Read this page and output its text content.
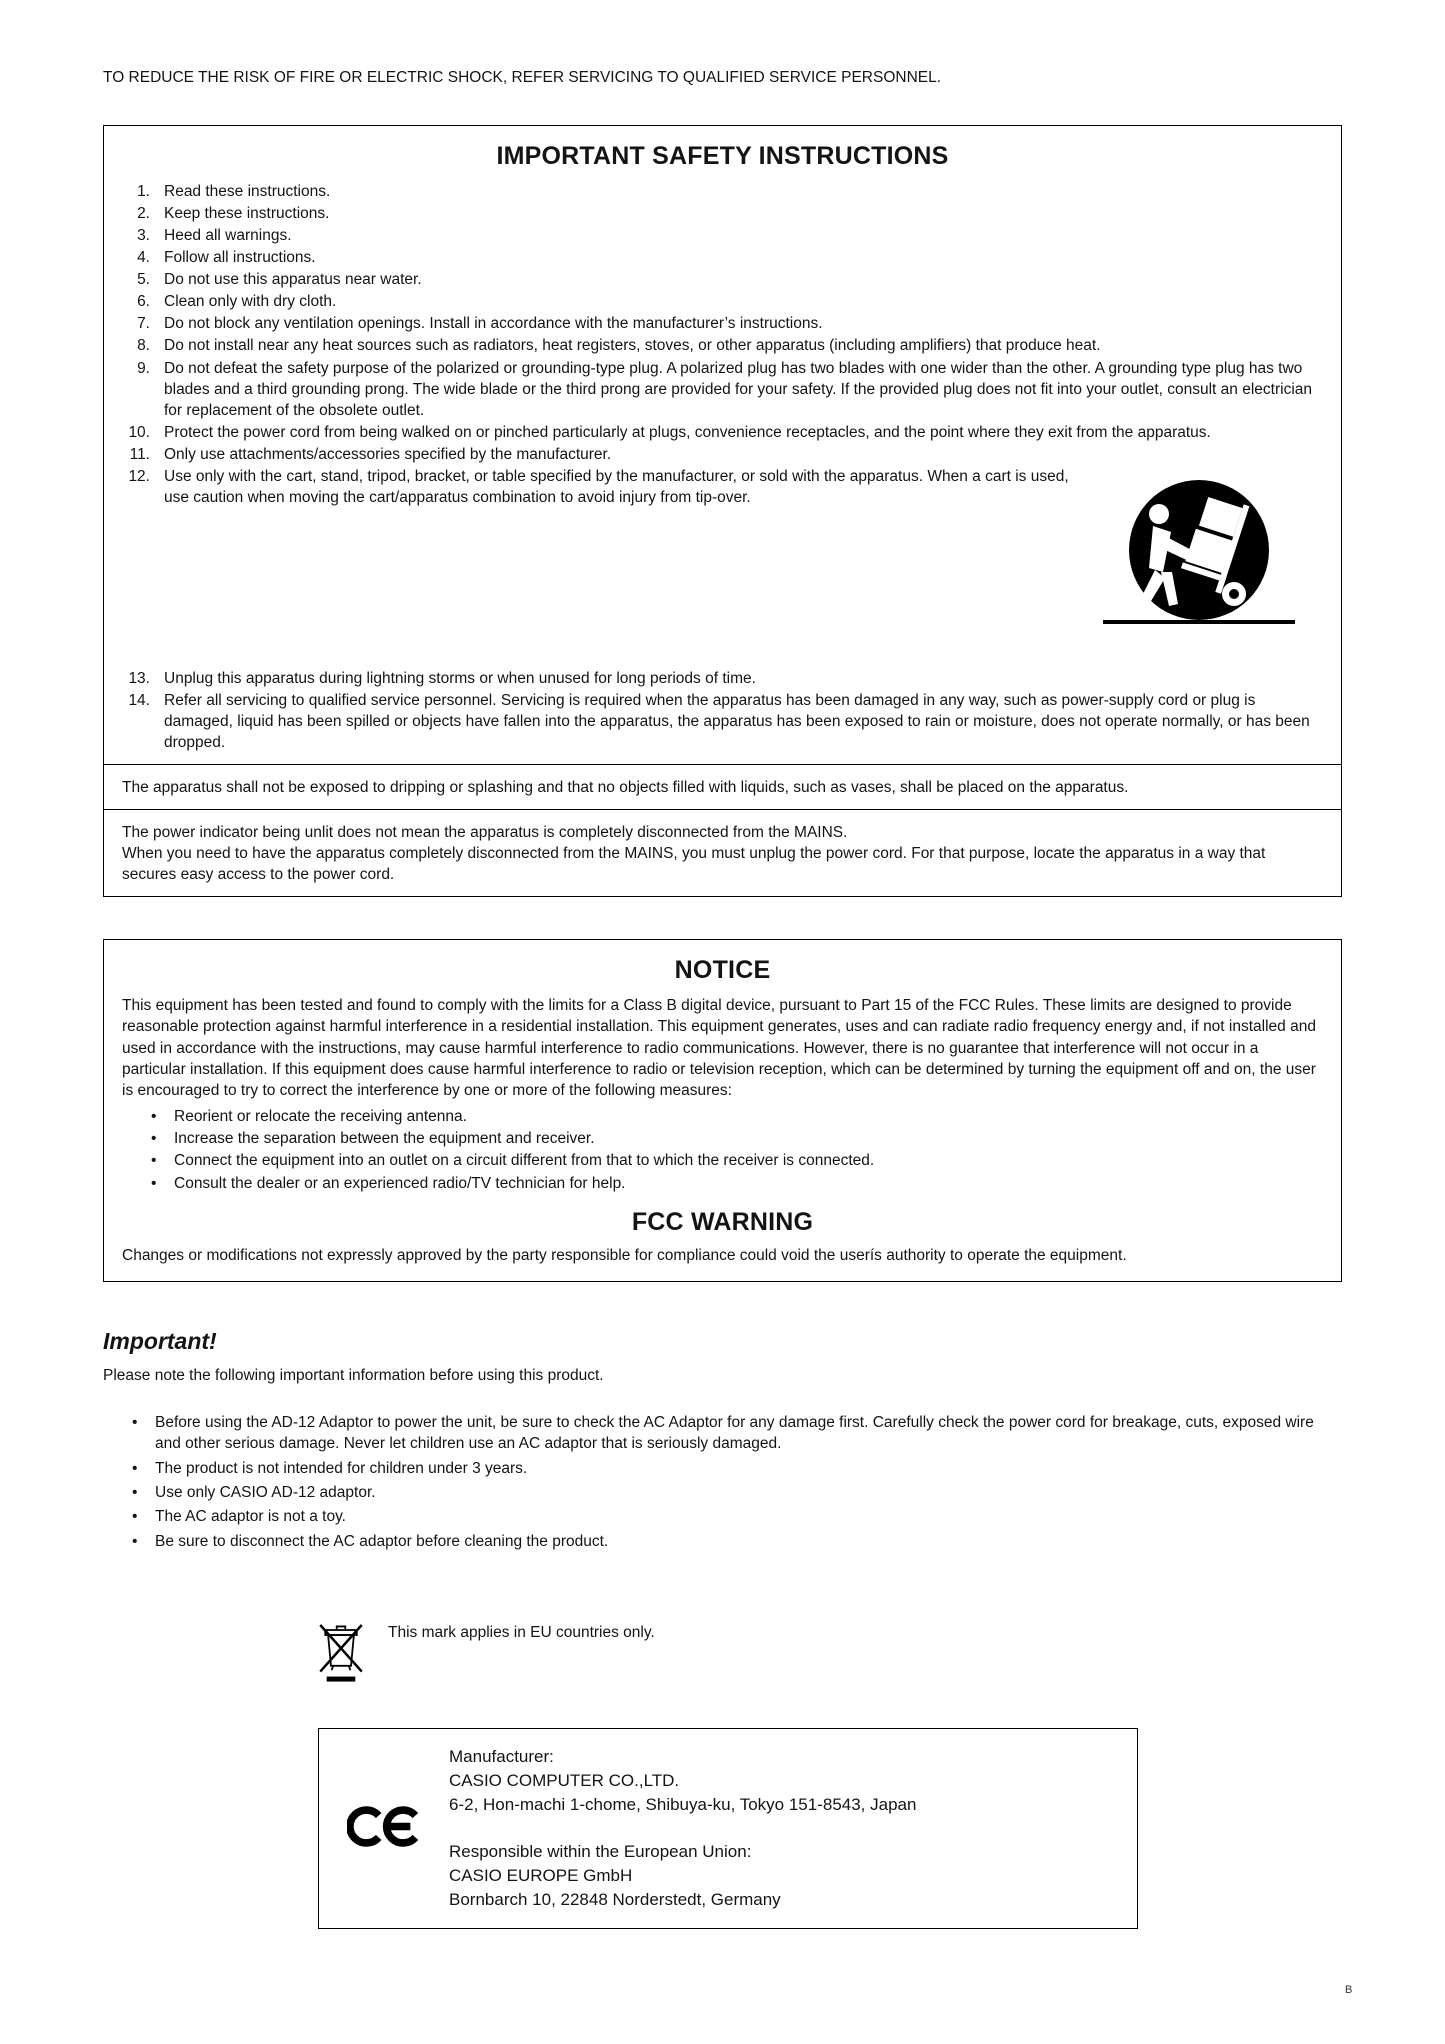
TO REDUCE THE RISK OF FIRE OR ELECTRIC SHOCK, REFER SERVICING TO QUALIFIED SERVICE PERSONNEL.
IMPORTANT SAFETY INSTRUCTIONS
1. Read these instructions.
2. Keep these instructions.
3. Heed all warnings.
4. Follow all instructions.
5. Do not use this apparatus near water.
6. Clean only with dry cloth.
7. Do not block any ventilation openings. Install in accordance with the manufacturer’s instructions.
8. Do not install near any heat sources such as radiators, heat registers, stoves, or other apparatus (including amplifiers) that produce heat.
9. Do not defeat the safety purpose of the polarized or grounding-type plug. A polarized plug has two blades with one wider than the other. A grounding type plug has two blades and a third grounding prong. The wide blade or the third prong are provided for your safety. If the provided plug does not fit into your outlet, consult an electrician for replacement of the obsolete outlet.
10. Protect the power cord from being walked on or pinched particularly at plugs, convenience receptacles, and the point where they exit from the apparatus.
11. Only use attachments/accessories specified by the manufacturer.
12. Use only with the cart, stand, tripod, bracket, or table specified by the manufacturer, or sold with the apparatus. When a cart is used, use caution when moving the cart/apparatus combination to avoid injury from tip-over.
13. Unplug this apparatus during lightning storms or when unused for long periods of time.
14. Refer all servicing to qualified service personnel. Servicing is required when the apparatus has been damaged in any way, such as power-supply cord or plug is damaged, liquid has been spilled or objects have fallen into the apparatus, the apparatus has been exposed to rain or moisture, does not operate normally, or has been dropped.
The apparatus shall not be exposed to dripping or splashing and that no objects filled with liquids, such as vases, shall be placed on the apparatus.
The power indicator being unlit does not mean the apparatus is completely disconnected from the MAINS.
When you need to have the apparatus completely disconnected from the MAINS, you must unplug the power cord. For that purpose, locate the apparatus in a way that secures easy access to the power cord.
NOTICE
This equipment has been tested and found to comply with the limits for a Class B digital device, pursuant to Part 15 of the FCC Rules. These limits are designed to provide reasonable protection against harmful interference in a residential installation. This equipment generates, uses and can radiate radio frequency energy and, if not installed and used in accordance with the instructions, may cause harmful interference to radio communications. However, there is no guarantee that interference will not occur in a particular installation. If this equipment does cause harmful interference to radio or television reception, which can be determined by turning the equipment off and on, the user is encouraged to try to correct the interference by one or more of the following measures:
• Reorient or relocate the receiving antenna.
• Increase the separation between the equipment and receiver.
• Connect the equipment into an outlet on a circuit different from that to which the receiver is connected.
• Consult the dealer or an experienced radio/TV technician for help.
FCC WARNING
Changes or modifications not expressly approved by the party responsible for compliance could void the userís authority to operate the equipment.
Important!
Please note the following important information before using this product.
• Before using the AD-12 Adaptor to power the unit, be sure to check the AC Adaptor for any damage first. Carefully check the power cord for breakage, cuts, exposed wire and other serious damage. Never let children use an AC adaptor that is seriously damaged.
• The product is not intended for children under 3 years.
• Use only CASIO AD-12 adaptor.
• The AC adaptor is not a toy.
• Be sure to disconnect the AC adaptor before cleaning the product.
This mark applies in EU countries only.
Manufacturer:
CASIO COMPUTER CO.,LTD.
6-2, Hon-machi 1-chome, Shibuya-ku, Tokyo 151-8543, Japan
Responsible within the European Union:
CASIO EUROPE GmbH
Bornbarch 10, 22848 Norderstedt, Germany
B
